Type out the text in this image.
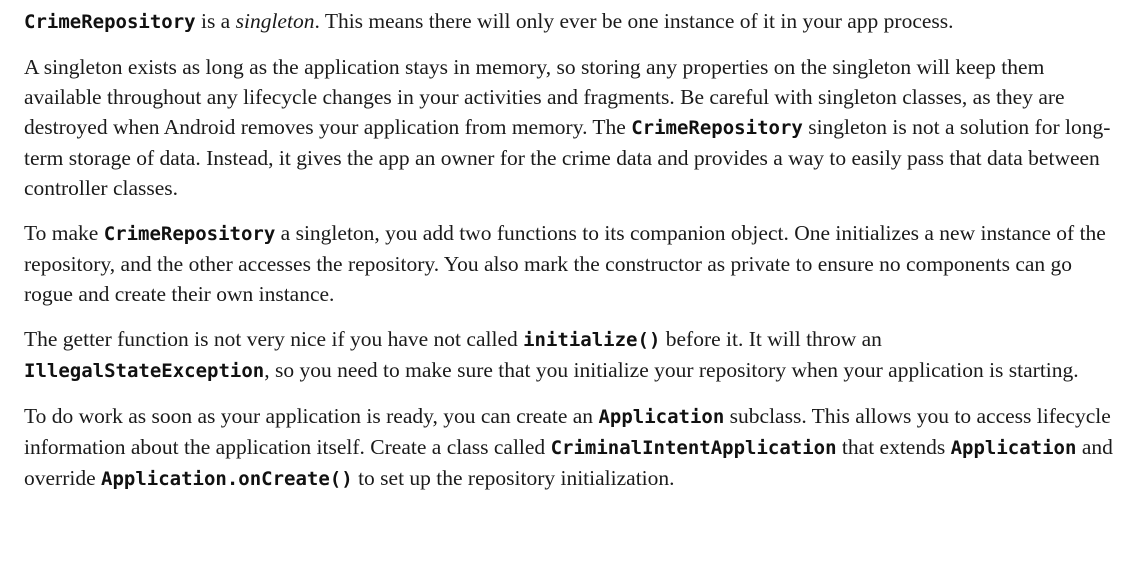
CrimeRepository is a singleton. This means there will only ever be one instance of it in your app process.

A singleton exists as long as the application stays in memory, so storing any properties on the singleton will keep them available throughout any lifecycle changes in your activities and fragments. Be careful with singleton classes, as they are destroyed when Android removes your application from memory. The CrimeRepository singleton is not a solution for long-term storage of data. Instead, it gives the app an owner for the crime data and provides a way to easily pass that data between controller classes.

To make CrimeRepository a singleton, you add two functions to its companion object. One initializes a new instance of the repository, and the other accesses the repository. You also mark the constructor as private to ensure no components can go rogue and create their own instance.

The getter function is not very nice if you have not called initialize() before it. It will throw an IllegalStateException, so you need to make sure that you initialize your repository when your application is starting.

To do work as soon as your application is ready, you can create an Application subclass. This allows you to access lifecycle information about the application itself. Create a class called CriminalIntentApplication that extends Application and override Application.onCreate() to set up the repository initialization.
